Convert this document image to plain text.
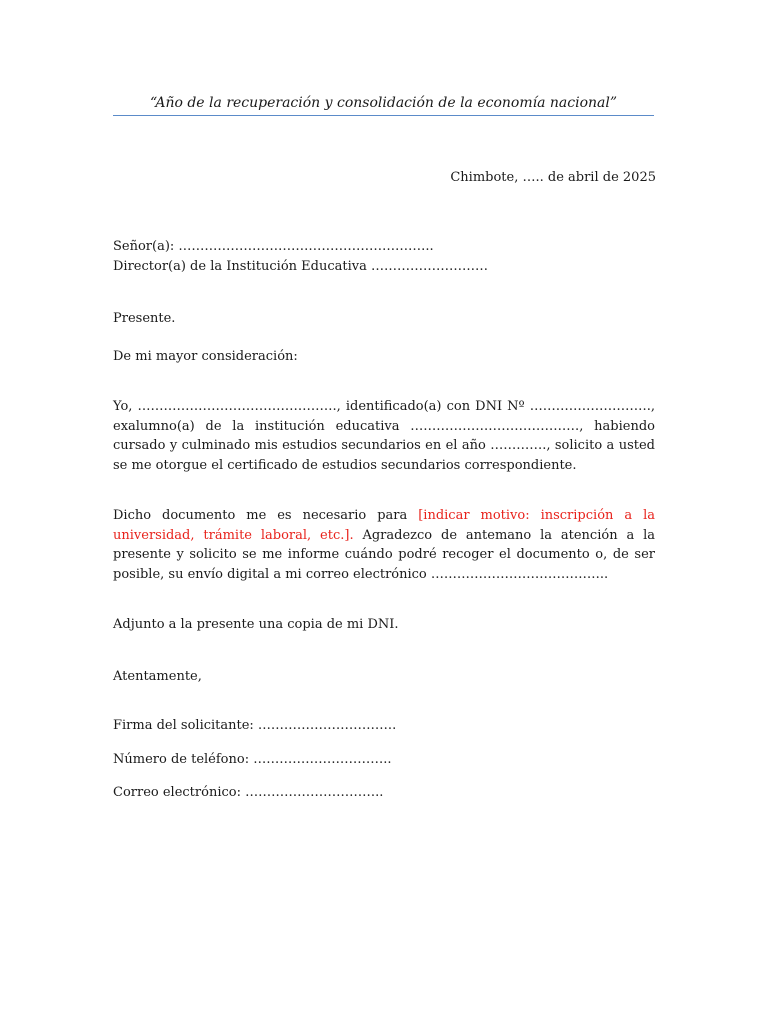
“Año de la recuperación y consolidación de la economía nacional”
Chimbote, ….. de abril de 2025
Señor(a): …………………………………………………..
Director(a) de la Institución Educativa ………………………
Presente.
De mi mayor consideración:
Yo, ………………………………………., identificado(a) con DNI Nº ………………………., exalumno(a) de la institución educativa …………………………………, habiendo cursado y culminado mis estudios secundarios en el año …………., solicito a usted se me otorgue el certificado de estudios secundarios correspondiente.
Dicho documento me es necesario para [indicar motivo: inscripción a la universidad, trámite laboral, etc.]. Agradezco de antemano la atención a la presente y solicito se me informe cuándo podré recoger el documento o, de ser posible, su envío digital a mi correo electrónico …………………………………..
Adjunto a la presente una copia de mi DNI.
Atentamente,
Firma del solicitante: …………………………..
Número de teléfono: …………………………..
Correo electrónico: …………………………..
